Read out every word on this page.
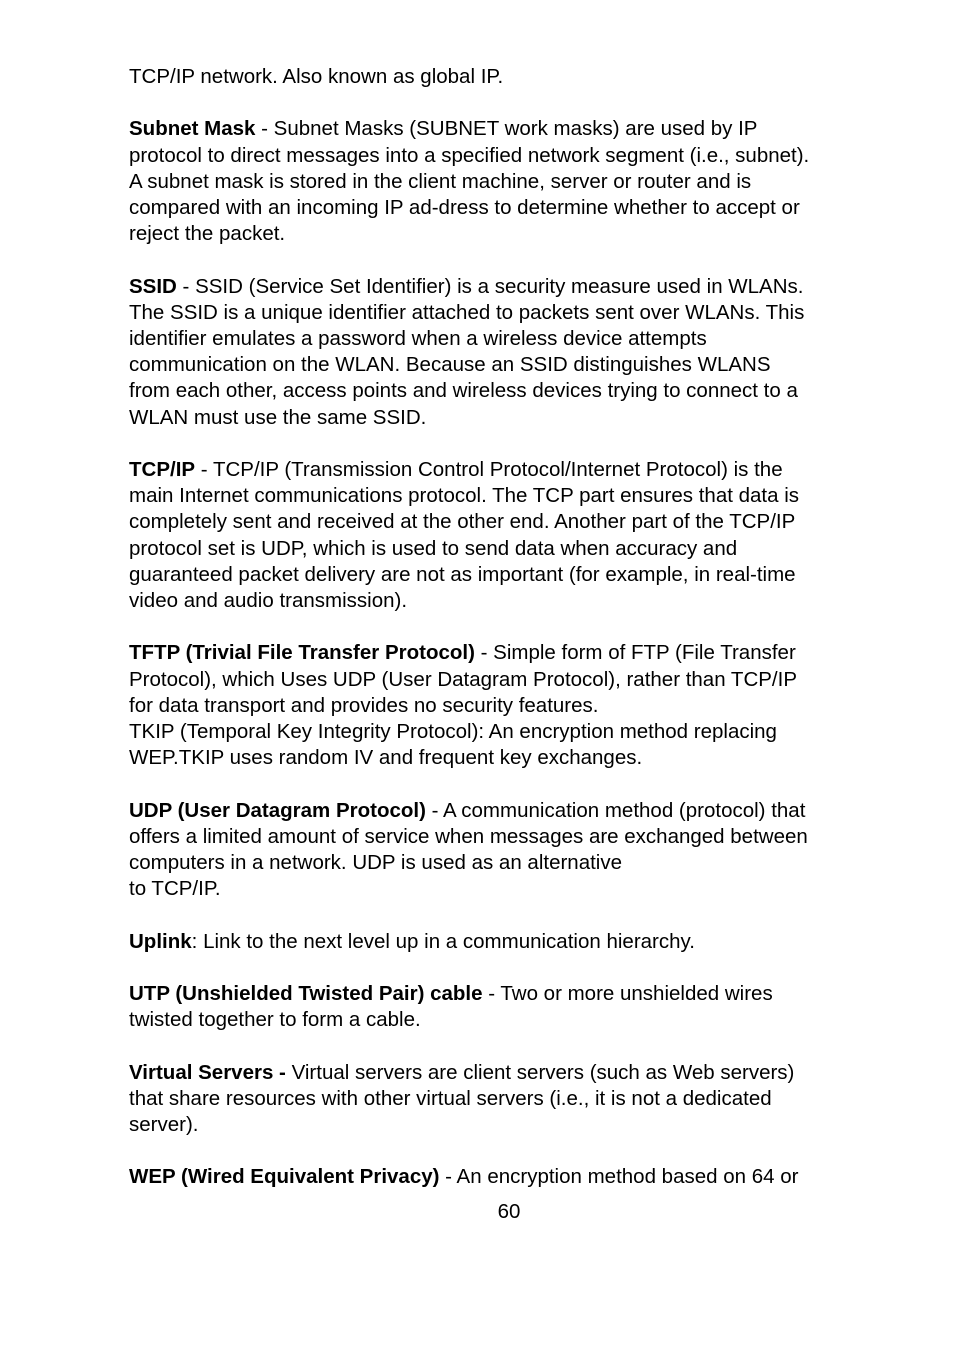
TCP/IP network. Also known as global IP.
Subnet Mask - Subnet Masks (SUBNET work masks) are used by IP
protocol to direct messages into a specified network segment (i.e., subnet).
A subnet mask is stored in the client machine, server or router and is
compared with an incoming IP ad-dress to determine whether to accept or
reject the packet.
SSID - SSID (Service Set Identifier) is a security measure used in WLANs.
The SSID is a unique identifier attached to packets sent over WLANs. This
identifier emulates a password when a wireless device attempts
communication on the WLAN. Because an SSID distinguishes WLANS
from each other, access points and wireless devices trying to connect to a
WLAN must use the same SSID.
TCP/IP - TCP/IP (Transmission Control Protocol/Internet Protocol) is the
main Internet communications protocol. The TCP part ensures that data is
completely sent and received at the other end. Another part of the TCP/IP
protocol set is UDP, which is used to send data when accuracy and
guaranteed packet delivery are not as important (for example, in real-time
video and audio transmission).
TFTP (Trivial File Transfer Protocol) - Simple form of FTP (File Transfer
Protocol), which Uses UDP (User Datagram Protocol), rather than TCP/IP
for data transport and provides no security features.
TKIP (Temporal Key Integrity Protocol): An encryption method replacing
WEP.TKIP uses random IV and frequent key exchanges.
UDP (User Datagram Protocol) - A communication method (protocol) that
offers a limited amount of service when messages are exchanged between
computers in a network. UDP is used as an alternative
to TCP/IP.
Uplink: Link to the next level up in a communication hierarchy.
UTP (Unshielded Twisted Pair) cable - Two or more unshielded wires
twisted together to form a cable.
Virtual Servers - Virtual servers are client servers (such as Web servers)
that share resources with other virtual servers (i.e., it is not a dedicated
server).
WEP (Wired Equivalent Privacy) - An encryption method based on 64 or
60
